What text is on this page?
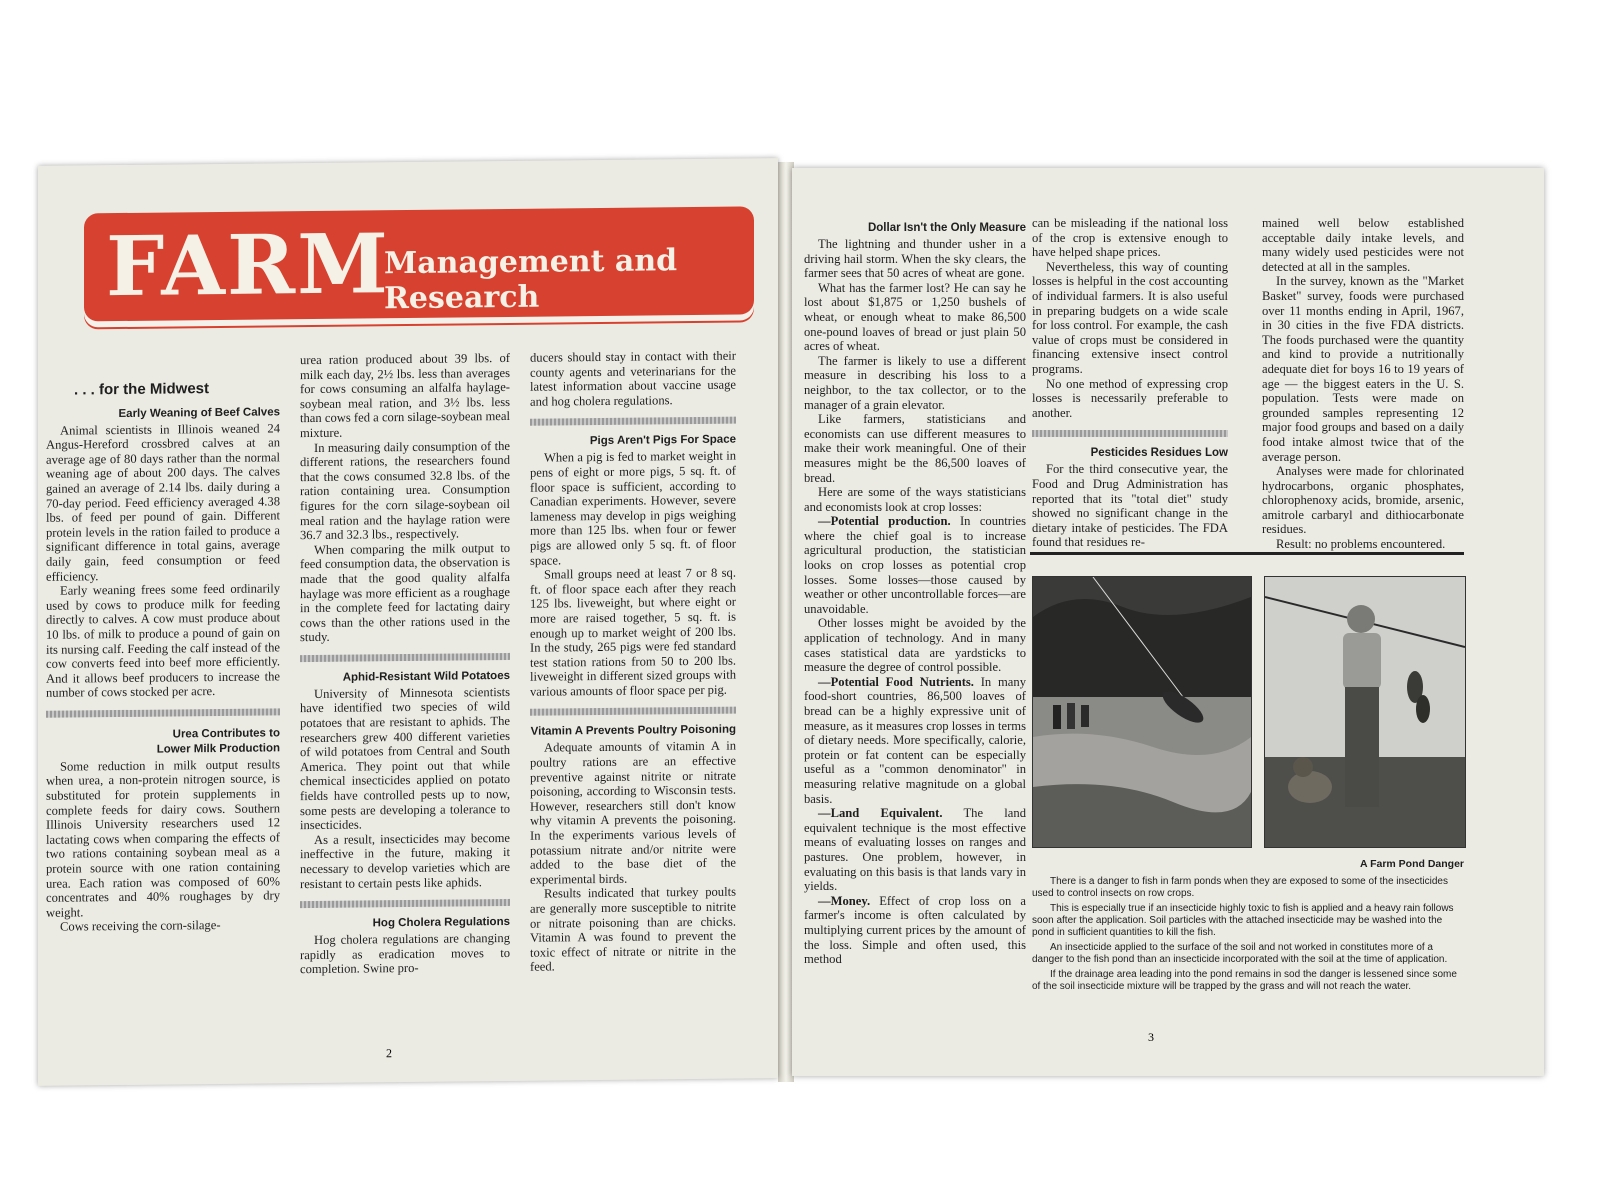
FARM
Management and Research
. . . for the Midwest
Early Weaning of Beef Calves

Animal scientists in Illinois weaned 24 Angus-Hereford crossbred calves at an average age of 80 days rather than the normal weaning age of about 200 days. The calves gained an average of 2.14 lbs. daily during a 70-day period. Feed efficiency averaged 4.38 lbs. of feed per pound of gain. Different protein levels in the ration failed to produce a significant difference in total gains, average daily gain, feed consumption or feed efficiency.

Early weaning frees some feed ordinarily used by cows to produce milk for feeding directly to calves. A cow must produce about 10 lbs. of milk to produce a pound of gain on its nursing calf. Feeding the calf instead of the cow converts feed into beef more efficiently. And it allows beef producers to increase the number of cows stocked per acre.

Urea Contributes to
Lower Milk Production

Some reduction in milk output results when urea, a non-protein nitrogen source, is substituted for protein supplements in complete feeds for dairy cows. Southern Illinois University researchers used 12 lactating cows when comparing the effects of two rations containing soybean meal as a protein source with one ration containing urea. Each ration was composed of 60% concentrates and 40% roughages by dry weight.

Cows receiving the corn-silage-

urea ration produced about 39 lbs. of milk each day, 2½ lbs. less than averages for cows consuming an alfalfa haylage-soybean meal ration, and 3½ lbs. less than cows fed a corn silage-soybean meal mixture.

In measuring daily consumption of the different rations, the researchers found that the cows consumed 32.8 lbs. of the ration containing urea. Consumption figures for the corn silage-soybean oil meal ration and the haylage ration were 36.7 and 32.3 lbs., respectively.

When comparing the milk output to feed consumption data, the observation is made that the good quality alfalfa haylage was more efficient as a roughage in the complete feed for lactating dairy cows than the other rations used in the study.

Aphid-Resistant Wild Potatoes

University of Minnesota scientists have identified two species of wild potatoes that are resistant to aphids. The researchers grew 400 different varieties of wild potatoes from Central and South America. They point out that while chemical insecticides applied on potato fields have controlled pests up to now, some pests are developing a tolerance to insecticides.

As a result, insecticides may become ineffective in the future, making it necessary to develop varieties which are resistant to certain pests like aphids.

Hog Cholera Regulations

Hog cholera regulations are changing rapidly as eradication moves to completion. Swine pro-

ducers should stay in contact with their county agents and veterinarians for the latest information about vaccine usage and hog cholera regulations.

Pigs Aren't Pigs For Space

When a pig is fed to market weight in pens of eight or more pigs, 5 sq. ft. of floor space is sufficient, according to Canadian experiments. However, severe lameness may develop in pigs weighing more than 125 lbs. when four or fewer pigs are allowed only 5 sq. ft. of floor space.

Small groups need at least 7 or 8 sq. ft. of floor space each after they reach 125 lbs. liveweight, but where eight or more are raised together, 5 sq. ft. is enough up to market weight of 200 lbs. In the study, 265 pigs were fed standard test station rations from 50 to 200 lbs. liveweight in different sized groups with various amounts of floor space per pig.

Vitamin A Prevents Poultry Poisoning

Adequate amounts of vitamin A in poultry rations are an effective preventive against nitrite or nitrate poisoning, according to Wisconsin tests. However, researchers still don't know why vitamin A prevents the poisoning. In the experiments various levels of potassium nitrate and/or nitrite were added to the base diet of the experimental birds.

Results indicated that turkey poults are generally more susceptible to nitrite or nitrate poisoning than are chicks. Vitamin A was found to prevent the toxic effect of nitrate or nitrite in the feed.

2
Dollar Isn't the Only Measure

The lightning and thunder usher in a driving hail storm. When the sky clears, the farmer sees that 50 acres of wheat are gone.

What has the farmer lost? He can say he lost about $1,875 or 1,250 bushels of wheat, or enough wheat to make 86,500 one-pound loaves of bread or just plain 50 acres of wheat.

The farmer is likely to use a different measure in describing his loss to a neighbor, to the tax collector, or to the manager of a grain elevator.

Like farmers, statisticians and economists can use different measures to make their work meaningful. One of their measures might be the 86,500 loaves of bread.

Here are some of the ways statisticians and economists look at crop losses:

—Potential production. In countries where the chief goal is to increase agricultural production, the statistician looks on crop losses as potential crop losses. Some losses—those caused by weather or other uncontrollable forces—are unavoidable.

Other losses might be avoided by the application of technology. And in many cases statistical data are yardsticks to measure the degree of control possible.

—Potential Food Nutrients. In many food-short countries, 86,500 loaves of bread can be a highly expressive unit of measure, as it measures crop losses in terms of dietary needs. More specifically, calorie, protein or fat content can be especially useful as a "common denominator" in measuring relative magnitude on a global basis.

—Land Equivalent. The land equivalent technique is the most effective means of evaluating losses on ranges and pastures. One problem, however, in evaluating on this basis is that lands vary in yields.

—Money. Effect of crop loss on a farmer's income is often calculated by multiplying current prices by the amount of the loss. Simple and often used, this method

can be misleading if the national loss of the crop is extensive enough to have helped shape prices.

Nevertheless, this way of counting losses is helpful in the cost accounting of individual farmers. It is also useful in preparing budgets on a wide scale for loss control. For example, the cash value of crops must be considered in financing extensive insect control programs.

No one method of expressing crop losses is necessarily preferable to another.

Pesticides Residues Low

For the third consecutive year, the Food and Drug Administration has reported that its "total diet" study showed no significant change in the dietary intake of pesticides. The FDA found that residues re-

mained well below established acceptable daily intake levels, and many widely used pesticides were not detected at all in the samples.

In the survey, known as the "Market Basket" survey, foods were purchased over 11 months ending in April, 1967, in 30 cities in the five FDA districts. The foods purchased were the quantity and kind to provide a nutritionally adequate diet for boys 16 to 19 years of age — the biggest eaters in the U. S. population. Tests were made on grounded samples representing 12 major food groups and based on a daily food intake almost twice that of the average person.

Analyses were made for chlorinated hydrocarbons, organic phosphates, chlorophenoxy acids, bromide, arsenic, amitrole carbaryl and dithiocarbonate residues.

Result: no problems encountered.

A Farm Pond Danger

There is a danger to fish in farm ponds when they are exposed to some of the insecticides used to control insects on row crops.

This is especially true if an insecticide highly toxic to fish is applied and a heavy rain follows soon after the application. Soil particles with the attached insecticide may be washed into the pond in sufficient quantities to kill the fish.

An insecticide applied to the surface of the soil and not worked in constitutes more of a danger to the fish pond than an insecticide incorporated with the soil at the time of application.

If the drainage area leading into the pond remains in sod the danger is lessened since some of the soil insecticide mixture will be trapped by the grass and will not reach the water.

3
